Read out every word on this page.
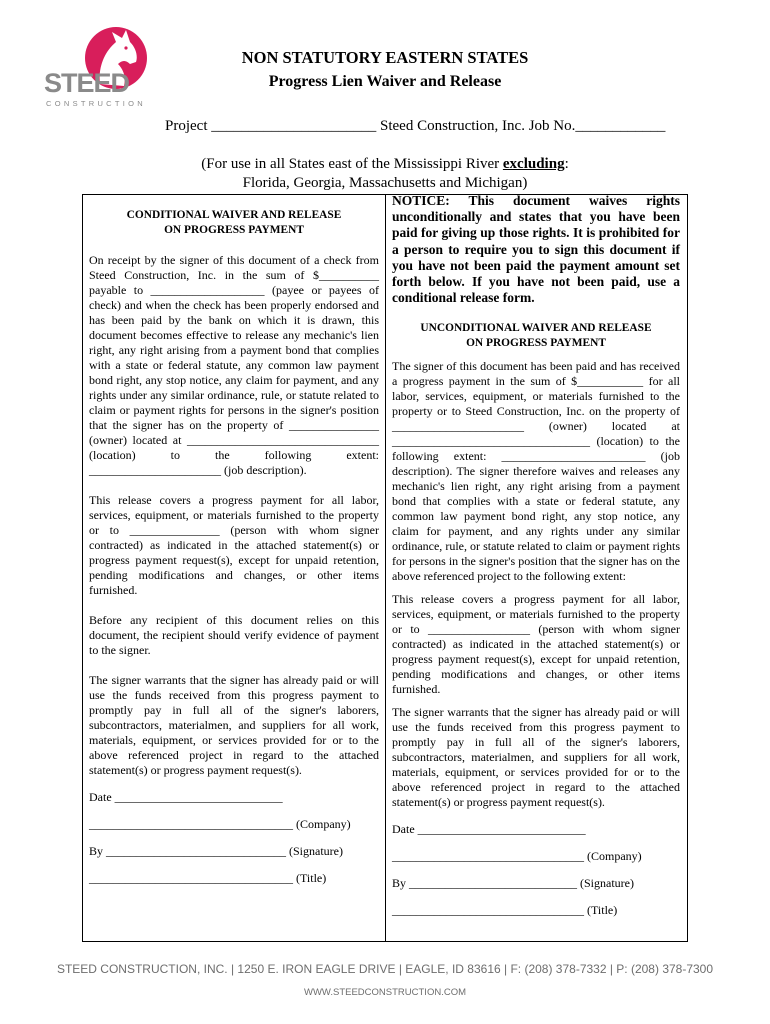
STEED
CONSTRUCTION
NON STATUTORY EASTERN STATES
Progress Lien Waiver and Release
Project ______________________ Steed Construction, Inc. Job No.____________
(For use in all States east of the Mississippi River excluding:
Florida, Georgia, Massachusetts and Michigan)
CONDITIONAL WAIVER AND RELEASE
ON PROGRESS PAYMENT

On receipt by the signer of this document of a check from Steed Construction, Inc. in the sum of $__________ payable to ___________________ (payee or payees of check) and when the check has been properly endorsed and has been paid by the bank on which it is drawn, this document becomes effective to release any mechanic's lien right, any right arising from a payment bond that complies with a state or federal statute, any common law payment bond right, any stop notice, any claim for payment, and any rights under any similar ordinance, rule, or statute related to claim or payment rights for persons in the signer's position that the signer has on the property of _______________ (owner) located at ________________________________ (location) to the following extent: ______________________ (job description).

This release covers a progress payment for all labor, services, equipment, or materials furnished to the property or to _______________ (person with whom signer contracted) as indicated in the attached statement(s) or progress payment request(s), except for unpaid retention, pending modifications and changes, or other items furnished.

Before any recipient of this document relies on this document, the recipient should verify evidence of payment to the signer.

The signer warrants that the signer has already paid or will use the funds received from this progress payment to promptly pay in full all of the signer's laborers, subcontractors, materialmen, and suppliers for all work, materials, equipment, or services provided for or to the above referenced project in regard to the attached statement(s) or progress payment request(s).

Date ____________________________
__________________________________ (Company)
By ______________________________ (Signature)
__________________________________ (Title)

NOTICE: This document waives rights unconditionally and states that you have been paid for giving up those rights. It is prohibited for a person to require you to sign this document if you have not been paid the payment amount set forth below. If you have not been paid, use a conditional release form.

UNCONDITIONAL WAIVER AND RELEASE
ON PROGRESS PAYMENT

The signer of this document has been paid and has received a progress payment in the sum of $___________ for all labor, services, equipment, or materials furnished to the property or to Steed Construction, Inc. on the property of ______________________ (owner) located at _________________________________ (location) to the following extent: ________________________ (job description). The signer therefore waives and releases any mechanic's lien right, any right arising from a payment bond that complies with a state or federal statute, any common law payment bond right, any stop notice, any claim for payment, and any rights under any similar ordinance, rule, or statute related to claim or payment rights for persons in the signer's position that the signer has on the above referenced project to the following extent:

This release covers a progress payment for all labor, services, equipment, or materials furnished to the property or to _________________ (person with whom signer contracted) as indicated in the attached statement(s) or progress payment request(s), except for unpaid retention, pending modifications and changes, or other items furnished.

The signer warrants that the signer has already paid or will use the funds received from this progress payment to promptly pay in full all of the signer's laborers, subcontractors, materialmen, and suppliers for all work, materials, equipment, or services provided for or to the above referenced project in regard to the attached statement(s) or progress payment request(s).

Date ____________________________
________________________________ (Company)
By ____________________________ (Signature)
________________________________ (Title)
STEED CONSTRUCTION, INC. | 1250 E. IRON EAGLE DRIVE | EAGLE, ID 83616 | F: (208) 378-7332 | P: (208) 378-7300
WWW.STEEDCONSTRUCTION.COM
